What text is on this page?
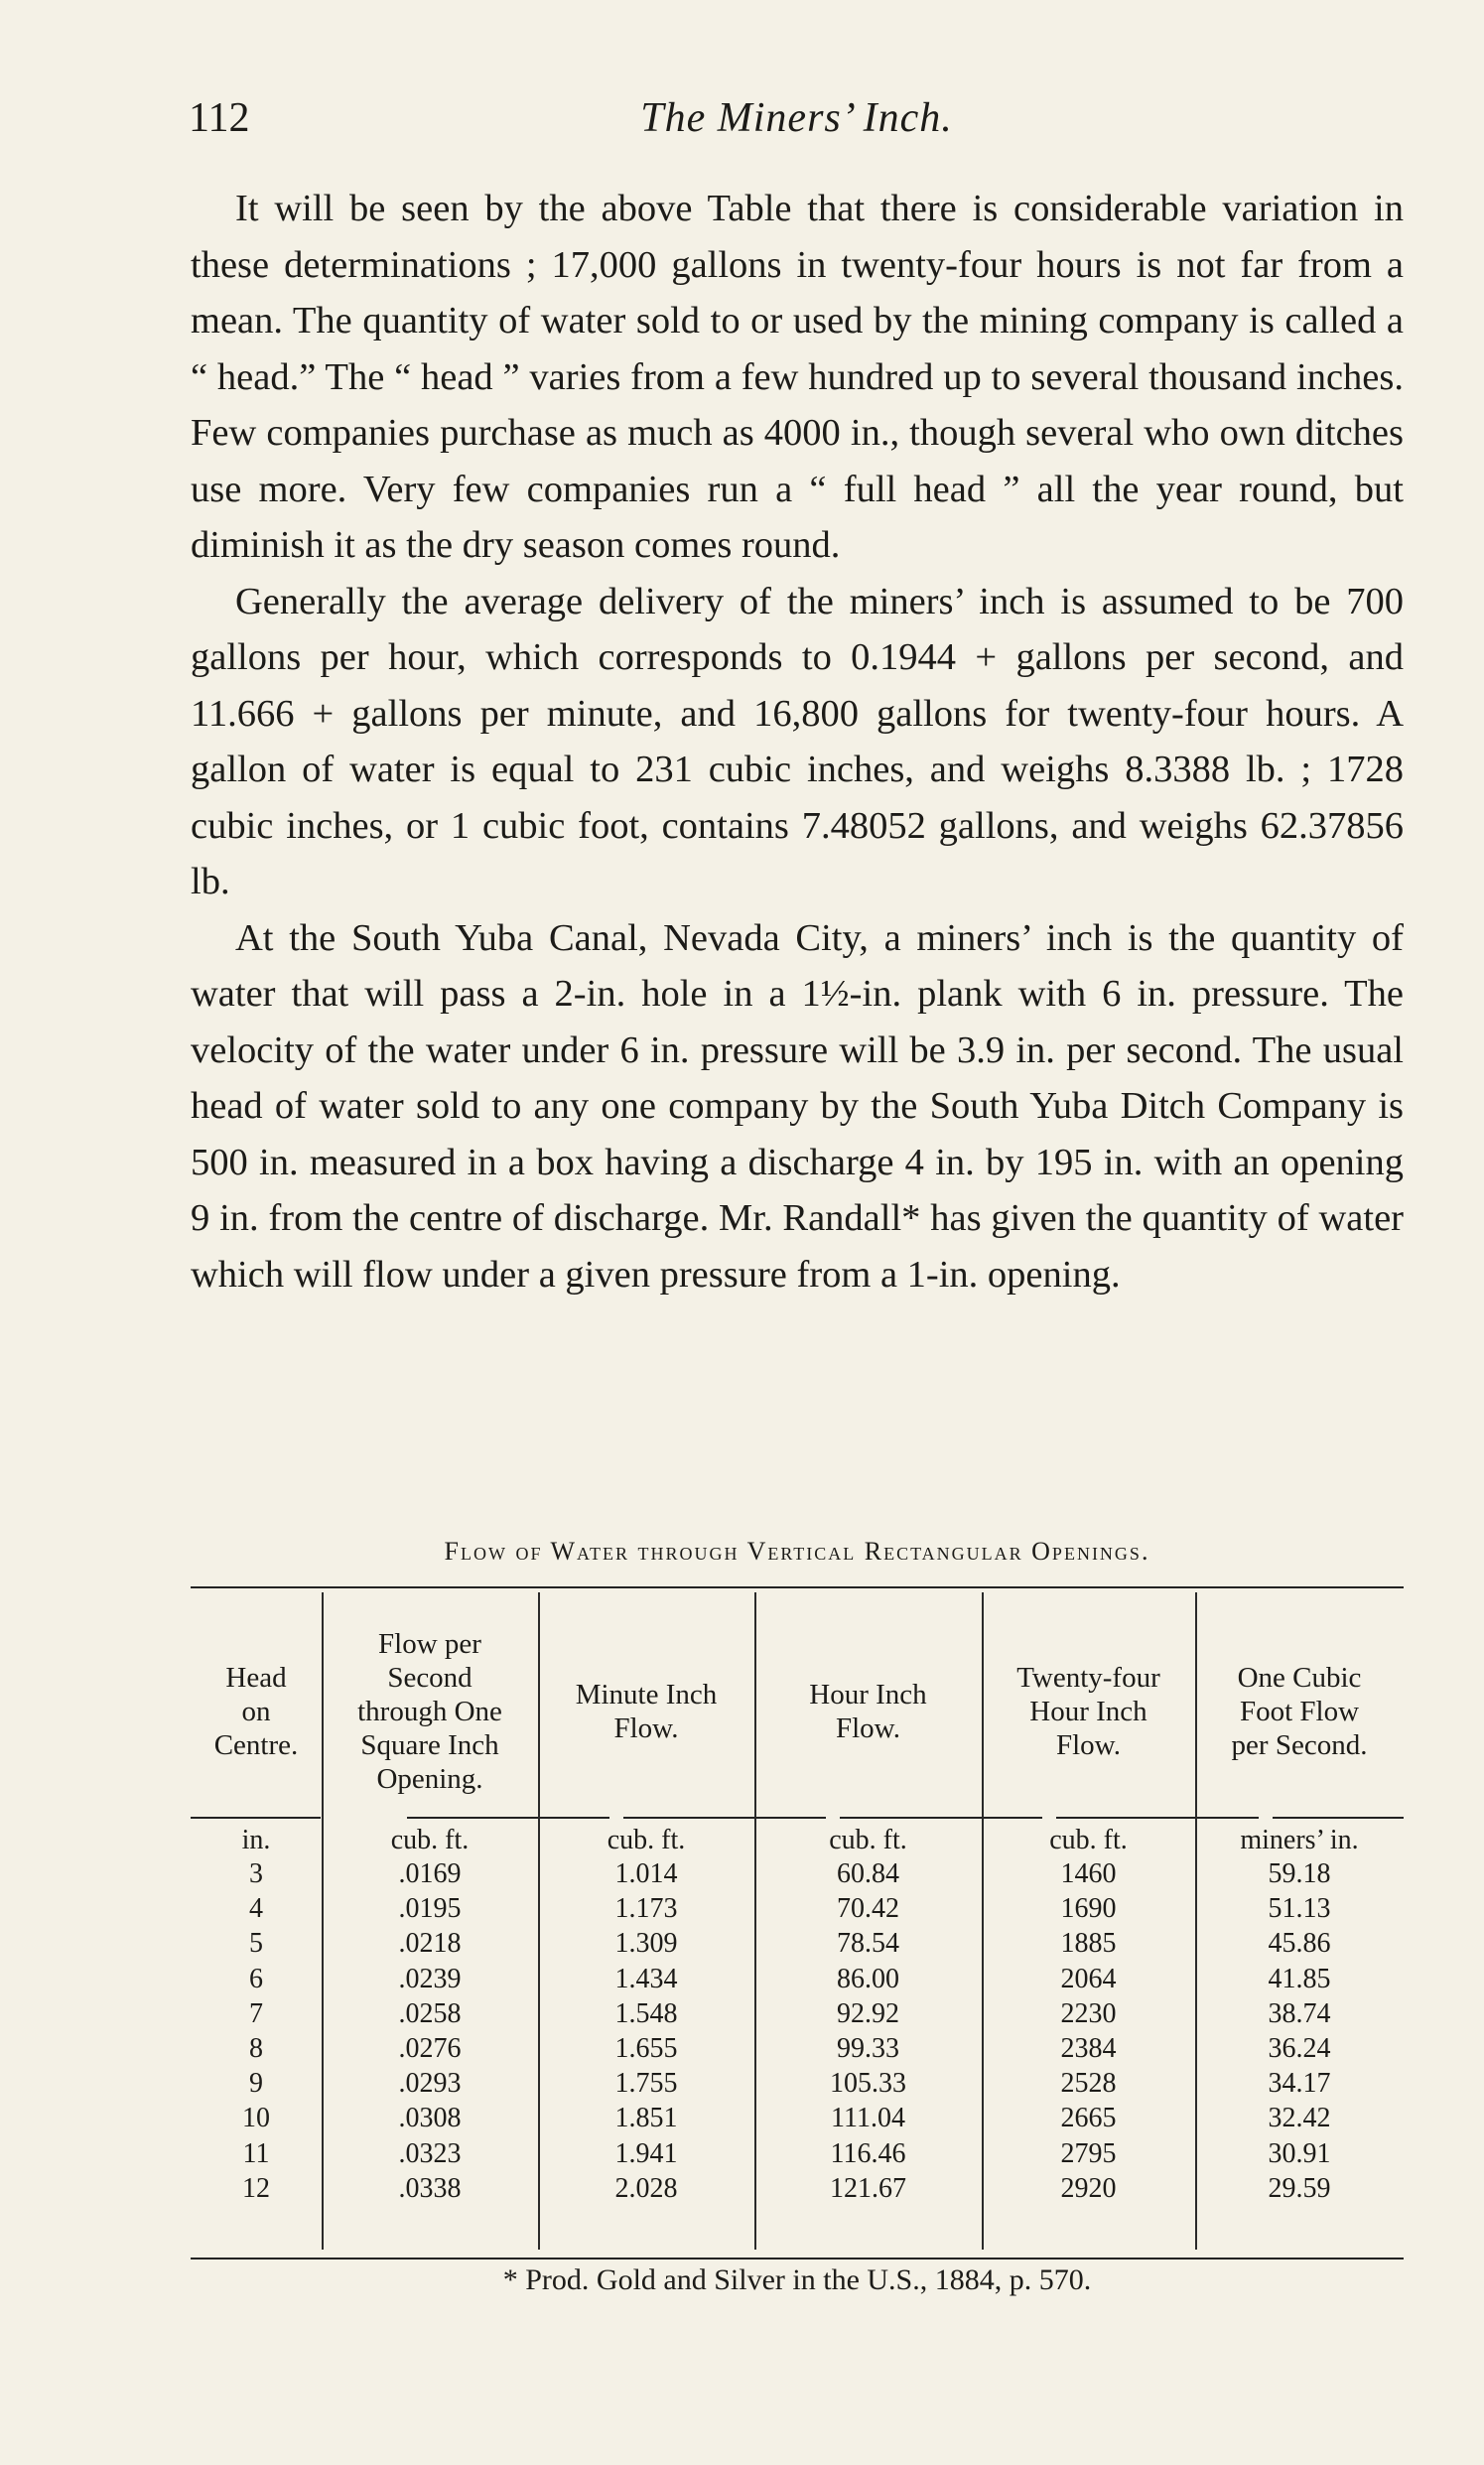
112	The Miners’ Inch.

It will be seen by the above Table that there is considerable variation in these determinations ; 17,000 gallons in twenty-four hours is not far from a mean. The quantity of water sold to or used by the mining company is called a “ head.” The “ head ” varies from a few hundred up to several thousand inches. Few companies purchase as much as 4000 in., though several who own ditches use more. Very few companies run a “ full head ” all the year round, but diminish it as the dry season comes round.

Generally the average delivery of the miners’ inch is assumed to be 700 gallons per hour, which corresponds to 0.1944 + gallons per second, and 11.666 + gallons per minute, and 16,800 gallons for twenty-four hours. A gallon of water is equal to 231 cubic inches, and weighs 8.3388 lb. ; 1728 cubic inches, or 1 cubic foot, contains 7.48052 gallons, and weighs 62.37856 lb.

At the South Yuba Canal, Nevada City, a miners’ inch is the quantity of water that will pass a 2-in. hole in a 1½-in. plank with 6 in. pressure. The velocity of the water under 6 in. pressure will be 3.9 in. per second. The usual head of water sold to any one company by the South Yuba Ditch Company is 500 in. measured in a box having a discharge 4 in. by 195 in. with an opening 9 in. from the centre of discharge. Mr. Randall* has given the quantity of water which will flow under a given pressure from a 1-in. opening.

Flow of Water through Vertical Rectangular Openings.
Head
on
Centre.
in.
3
4
5
6
7
8
9
10
11
12
Flow per
Second
through One
Square Inch
Opening.
cub. ft.
.0169
.0195
.0218
.0239
.0258
.0276
.0293
.0308
.0323
.0338
Minute Inch
Flow.
cub. ft.
1.014
1.173
1.309
1.434
1.548
1.655
1.755
1.851
1.941
2.028
Hour Inch
Flow.
cub. ft.
60.84
70.42
78.54
86.00
92.92
99.33
105.33
111.04
116.46
121.67
Twenty-four
Hour Inch
Flow.
cub. ft.
1460
1690
1885
2064
2230
2384
2528
2665
2795
2920
One Cubic
Foot Flow
per Second.
miners’ in.
59.18
51.13
45.86
41.85
38.74
36.24
34.17
32.42
30.91
29.59
* Prod. Gold and Silver in the U.S., 1884, p. 570.
